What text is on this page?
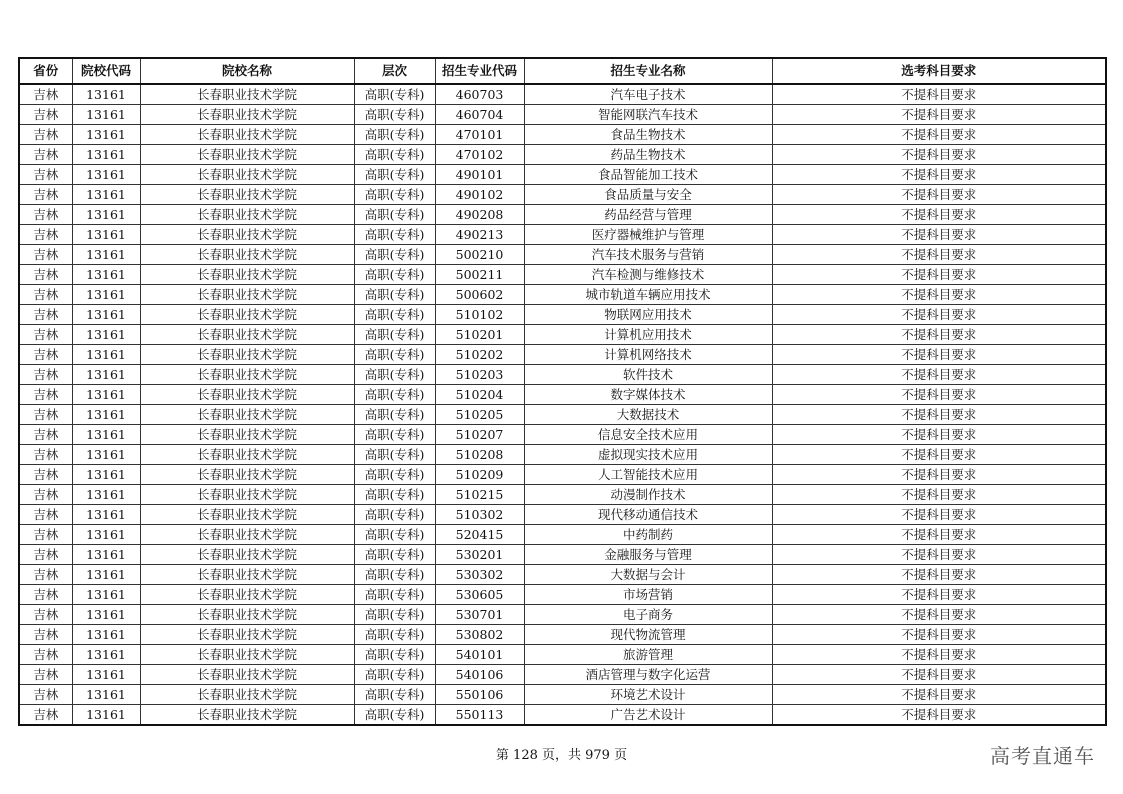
省份	院校代码	院校名称	层次	招生专业代码	招生专业名称	选考科目要求
吉林	13161	长春职业技术学院	高职(专科)	460703	汽车电子技术	不提科目要求
吉林	13161	长春职业技术学院	高职(专科)	460704	智能网联汽车技术	不提科目要求
吉林	13161	长春职业技术学院	高职(专科)	470101	食品生物技术	不提科目要求
吉林	13161	长春职业技术学院	高职(专科)	470102	药品生物技术	不提科目要求
吉林	13161	长春职业技术学院	高职(专科)	490101	食品智能加工技术	不提科目要求
吉林	13161	长春职业技术学院	高职(专科)	490102	食品质量与安全	不提科目要求
吉林	13161	长春职业技术学院	高职(专科)	490208	药品经营与管理	不提科目要求
吉林	13161	长春职业技术学院	高职(专科)	490213	医疗器械维护与管理	不提科目要求
吉林	13161	长春职业技术学院	高职(专科)	500210	汽车技术服务与营销	不提科目要求
吉林	13161	长春职业技术学院	高职(专科)	500211	汽车检测与维修技术	不提科目要求
吉林	13161	长春职业技术学院	高职(专科)	500602	城市轨道车辆应用技术	不提科目要求
吉林	13161	长春职业技术学院	高职(专科)	510102	物联网应用技术	不提科目要求
吉林	13161	长春职业技术学院	高职(专科)	510201	计算机应用技术	不提科目要求
吉林	13161	长春职业技术学院	高职(专科)	510202	计算机网络技术	不提科目要求
吉林	13161	长春职业技术学院	高职(专科)	510203	软件技术	不提科目要求
吉林	13161	长春职业技术学院	高职(专科)	510204	数字媒体技术	不提科目要求
吉林	13161	长春职业技术学院	高职(专科)	510205	大数据技术	不提科目要求
吉林	13161	长春职业技术学院	高职(专科)	510207	信息安全技术应用	不提科目要求
吉林	13161	长春职业技术学院	高职(专科)	510208	虚拟现实技术应用	不提科目要求
吉林	13161	长春职业技术学院	高职(专科)	510209	人工智能技术应用	不提科目要求
吉林	13161	长春职业技术学院	高职(专科)	510215	动漫制作技术	不提科目要求
吉林	13161	长春职业技术学院	高职(专科)	510302	现代移动通信技术	不提科目要求
吉林	13161	长春职业技术学院	高职(专科)	520415	中药制药	不提科目要求
吉林	13161	长春职业技术学院	高职(专科)	530201	金融服务与管理	不提科目要求
吉林	13161	长春职业技术学院	高职(专科)	530302	大数据与会计	不提科目要求
吉林	13161	长春职业技术学院	高职(专科)	530605	市场营销	不提科目要求
吉林	13161	长春职业技术学院	高职(专科)	530701	电子商务	不提科目要求
吉林	13161	长春职业技术学院	高职(专科)	530802	现代物流管理	不提科目要求
吉林	13161	长春职业技术学院	高职(专科)	540101	旅游管理	不提科目要求
吉林	13161	长春职业技术学院	高职(专科)	540106	酒店管理与数字化运营	不提科目要求
吉林	13161	长春职业技术学院	高职(专科)	550106	环境艺术设计	不提科目要求
吉林	13161	长春职业技术学院	高职(专科)	550113	广告艺术设计	不提科目要求
第 128 页，共 979 页	高考直通车
